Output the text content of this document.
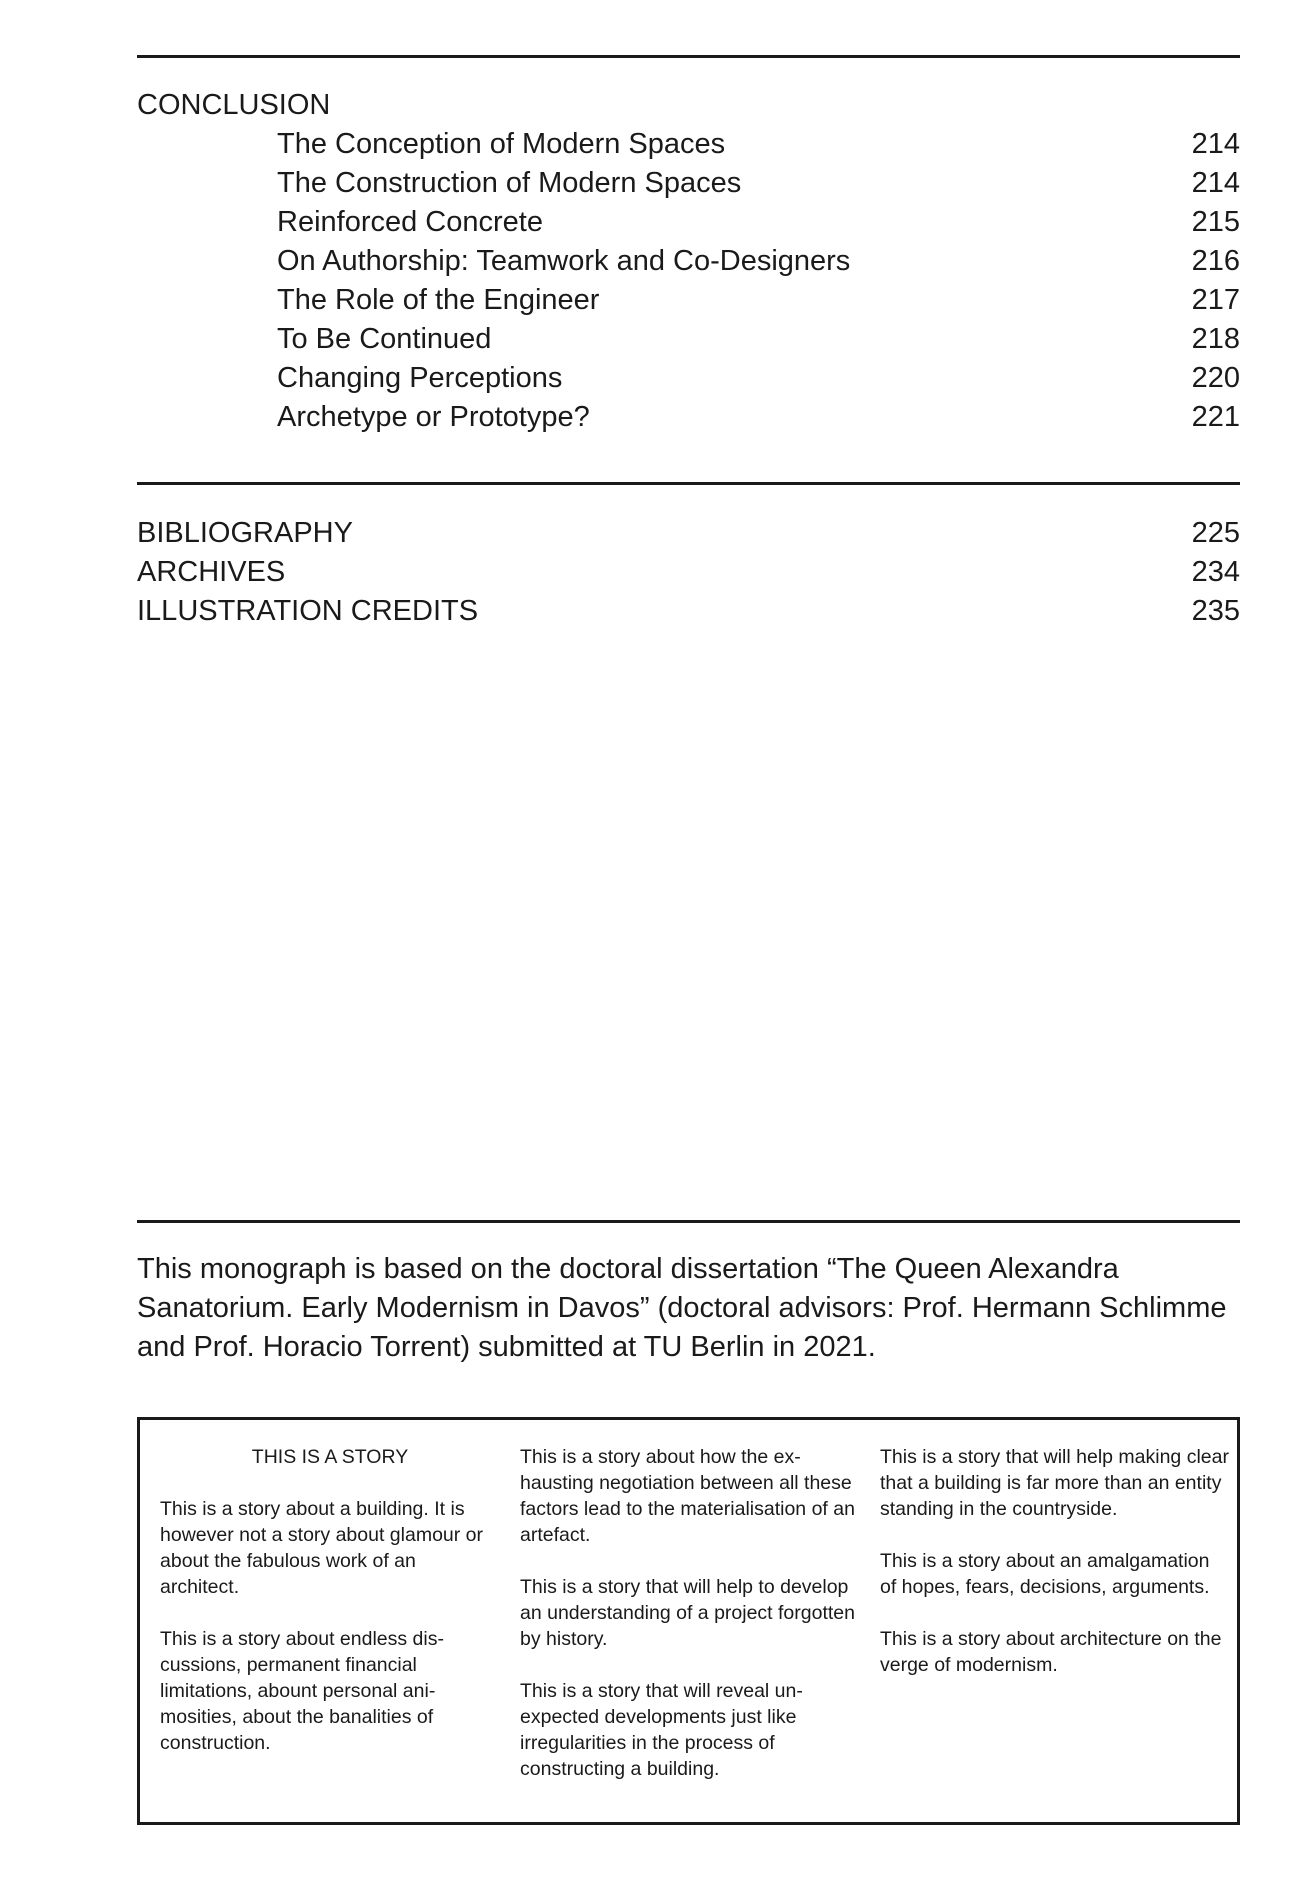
CONCLUSION
The Conception of Modern Spaces	214
The Construction of Modern Spaces	214
Reinforced Concrete	215
On Authorship: Teamwork and Co-Designers	216
The Role of the Engineer	217
To Be Continued	218
Changing Perceptions	220
Archetype or Prototype?	221
BIBLIOGRAPHY	225
ARCHIVES	234
ILLUSTRATION CREDITS	235
This monograph is based on the doctoral dissertation “The Queen Alexandra Sanatorium. Early Modernism in Davos” (doctoral advisors: Prof. Hermann Schlimme and Prof. Horacio Torrent) submitted at TU Berlin in 2021.
THIS IS A STORY

This is a story about a building. It is however not a story about glamour or about the fabulous work of an architect.

This is a story about endless discussions, permanent financial limitations, abount personal animosities, about the banalities of construction.

This is a story about how the exhausting negotiation between all these factors lead to the materialisation of an artefact.

This is a story that will help to develop an understanding of a project forgotten by history.

This is a story that will reveal unexpected developments just like irregularities in the process of constructing a building.

This is a story that will help making clear that a building is far more than an entity standing in the countryside.

This is a story about an amalgamation of hopes, fears, decisions, arguments.

This is a story about architecture on the verge of modernism.
